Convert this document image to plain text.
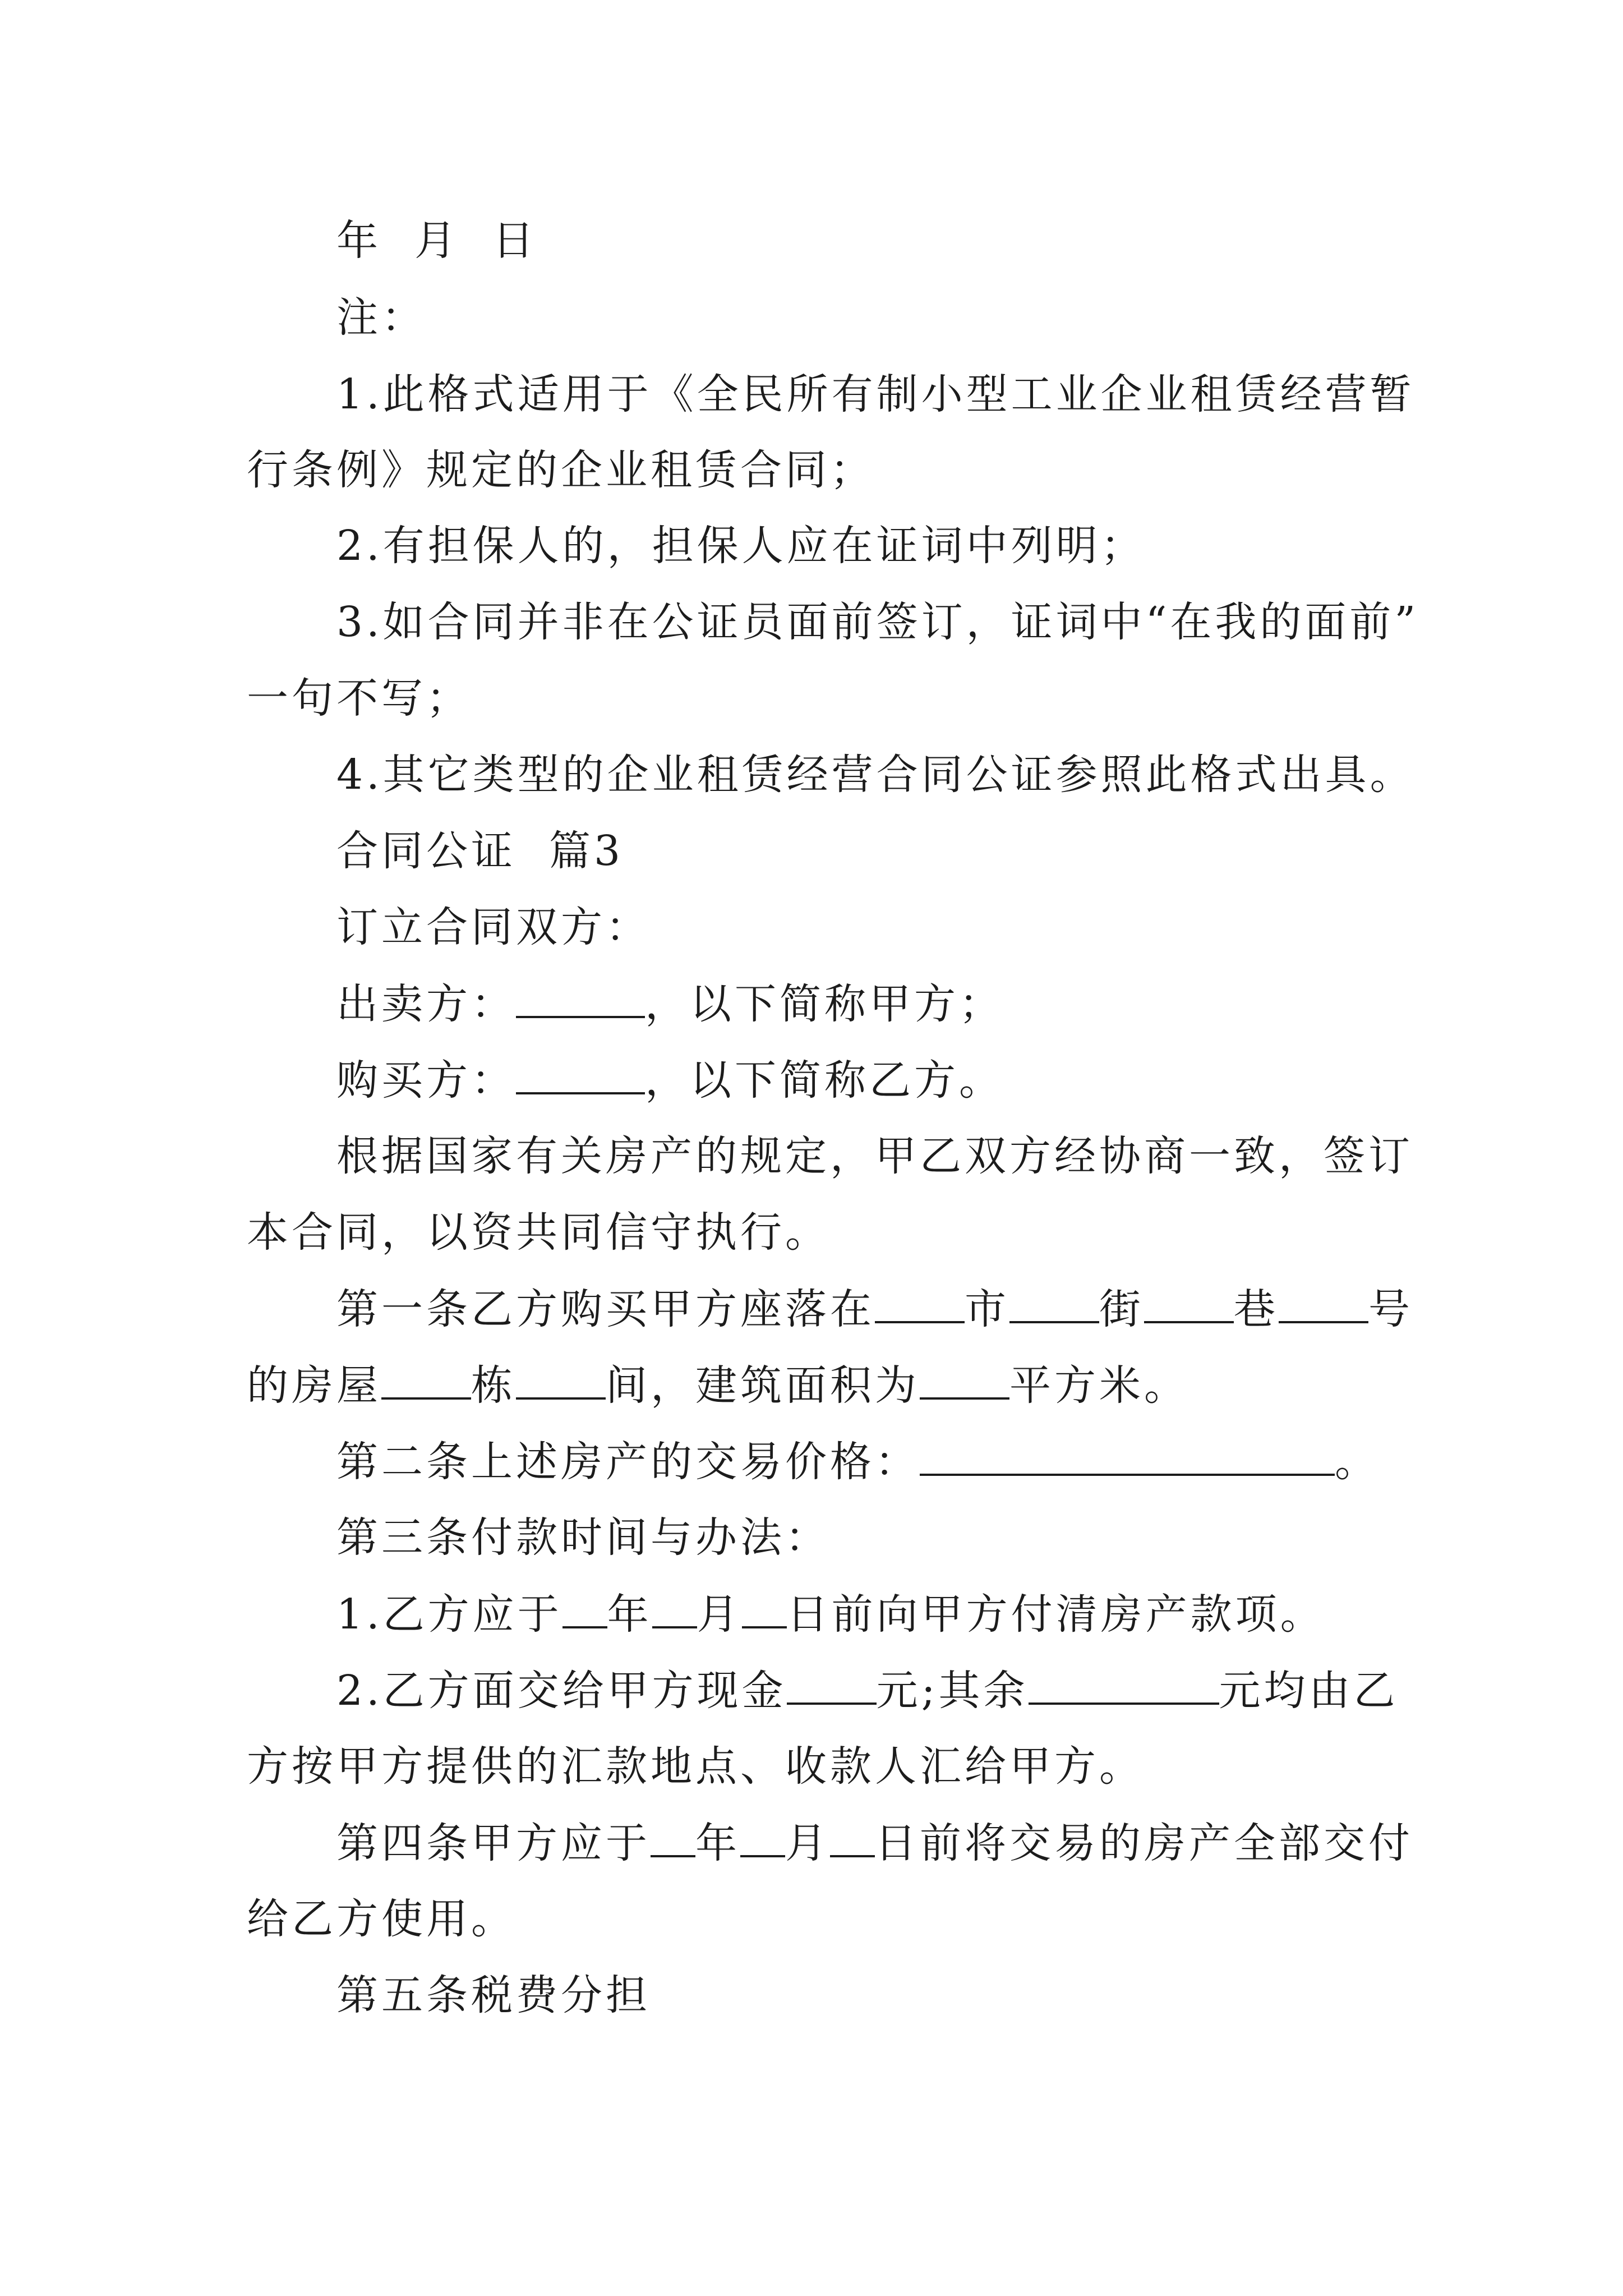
年  月  日
注：
1.此格式适用于《全民所有制小型工业企业租赁经营暂
行条例》规定的企业租赁合同；
2.有担保人的，担保人应在证词中列明；
3.如合同并非在公证员面前签订，证词中“在我的面前”
一句不写；
4.其它类型的企业租赁经营合同公证参照此格式出具。
合同公证  篇3
订立合同双方：
出卖方：	，以下简称甲方；
购买方：	，以下简称乙方。
根据国家有关房产的规定，甲乙双方经协商一致，签订
本合同，以资共同信守执行。
第一条乙方购买甲方座落在 市 街 巷 号
的房屋 栋 间，建筑面积为 平方米。
第二条上述房产的交易价格：	。
第三条付款时间与办法：
1.乙方应于 年 月 日前向甲方付清房产款项。
2.乙方面交给甲方现金 元;其余	元均由乙
方按甲方提供的汇款地点、收款人汇给甲方。
第四条甲方应于 年 月 日前将交易的房产全部交付
给乙方使用。
第五条税费分担
